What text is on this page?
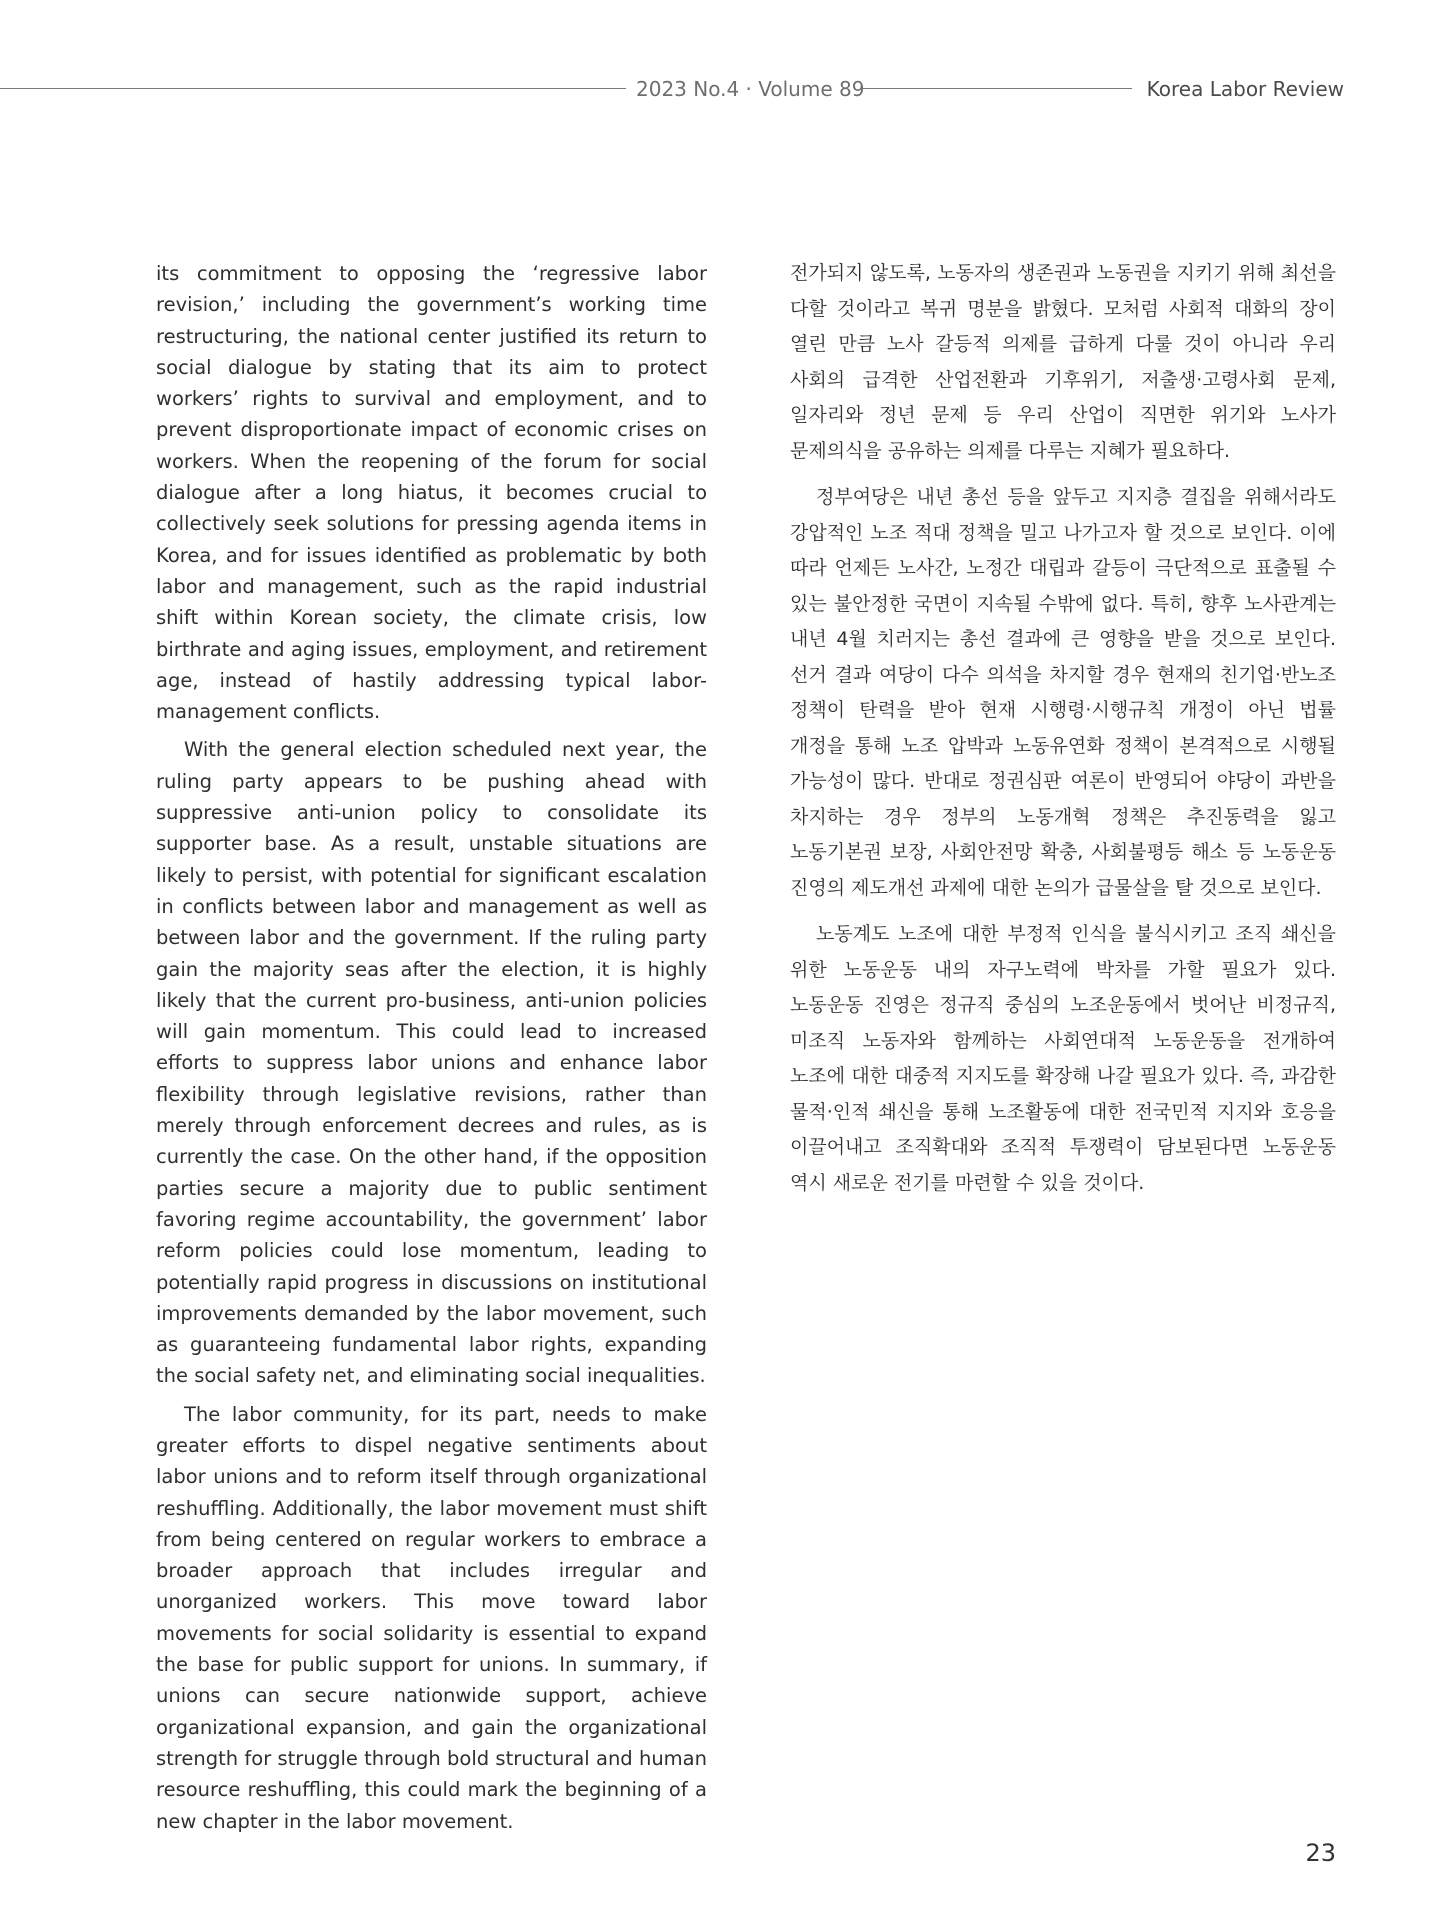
2023 No.4 · Volume 89	Korea Labor Review

its commitment to opposing the ‘regressive labor revision,’ including the government’s working time restructuring, the national center justified its return to social dialogue by stating that its aim to protect workers’ rights to survival and employment, and to prevent disproportionate impact of economic crises on workers. When the reopening of the forum for social dialogue after a long hiatus, it becomes crucial to collectively seek solutions for pressing agenda items in Korea, and for issues identified as problematic by both labor and management, such as the rapid industrial shift within Korean society, the climate crisis, low birthrate and aging issues, employment, and retirement age, instead of hastily addressing typical labor-management conflicts.

With the general election scheduled next year, the ruling party appears to be pushing ahead with suppressive anti-union policy to consolidate its supporter base. As a result, unstable situations are likely to persist, with potential for significant escalation in conflicts between labor and management as well as between labor and the government. If the ruling party gain the majority seas after the election, it is highly likely that the current pro-business, anti-union policies will gain momentum. This could lead to increased efforts to suppress labor unions and enhance labor flexibility through legislative revisions, rather than merely through enforcement decrees and rules, as is currently the case. On the other hand, if the opposition parties secure a majority due to public sentiment favoring regime accountability, the government’ labor reform policies could lose momentum, leading to potentially rapid progress in discussions on institutional improvements demanded by the labor movement, such as guaranteeing fundamental labor rights, expanding the social safety net, and eliminating social inequalities.

The labor community, for its part, needs to make greater efforts to dispel negative sentiments about labor unions and to reform itself through organizational reshuffling. Additionally, the labor movement must shift from being centered on regular workers to embrace a broader approach that includes irregular and unorganized workers. This move toward labor movements for social solidarity is essential to expand the base for public support for unions. In summary, if unions can secure nationwide support, achieve organizational expansion, and gain the organizational strength for struggle through bold structural and human resource reshuffling, this could mark the beginning of a new chapter in the labor movement.

전가되지 않도록, 노동자의 생존권과 노동권을 지키기 위해 최선을 다할 것이라고 복귀 명분을 밝혔다. 모처럼 사회적 대화의 장이 열린 만큼 노사 갈등적 의제를 급하게 다룰 것이 아니라 우리 사회의 급격한 산업전환과 기후위기, 저출생·고령사회 문제, 일자리와 정년 문제 등 우리 산업이 직면한 위기와 노사가 문제의식을 공유하는 의제를 다루는 지혜가 필요하다.

정부여당은 내년 총선 등을 앞두고 지지층 결집을 위해서라도 강압적인 노조 적대 정책을 밀고 나가고자 할 것으로 보인다. 이에 따라 언제든 노사간, 노정간 대립과 갈등이 극단적으로 표출될 수 있는 불안정한 국면이 지속될 수밖에 없다. 특히, 향후 노사관계는 내년 4월 치러지는 총선 결과에 큰 영향을 받을 것으로 보인다. 선거 결과 여당이 다수 의석을 차지할 경우 현재의 친기업·반노조 정책이 탄력을 받아 현재 시행령·시행규칙 개정이 아닌 법률 개정을 통해 노조 압박과 노동유연화 정책이 본격적으로 시행될 가능성이 많다. 반대로 정권심판 여론이 반영되어 야당이 과반을 차지하는 경우 정부의 노동개혁 정책은 추진동력을 잃고 노동기본권 보장, 사회안전망 확충, 사회불평등 해소 등 노동운동 진영의 제도개선 과제에 대한 논의가 급물살을 탈 것으로 보인다.

노동계도 노조에 대한 부정적 인식을 불식시키고 조직 쇄신을 위한 노동운동 내의 자구노력에 박차를 가할 필요가 있다. 노동운동 진영은 정규직 중심의 노조운동에서 벗어난 비정규직, 미조직 노동자와 함께하는 사회연대적 노동운동을 전개하여 노조에 대한 대중적 지지도를 확장해 나갈 필요가 있다. 즉, 과감한 물적·인적 쇄신을 통해 노조활동에 대한 전국민적 지지와 호응을 이끌어내고 조직확대와 조직적 투쟁력이 담보된다면 노동운동 역시 새로운 전기를 마련할 수 있을 것이다.

23
